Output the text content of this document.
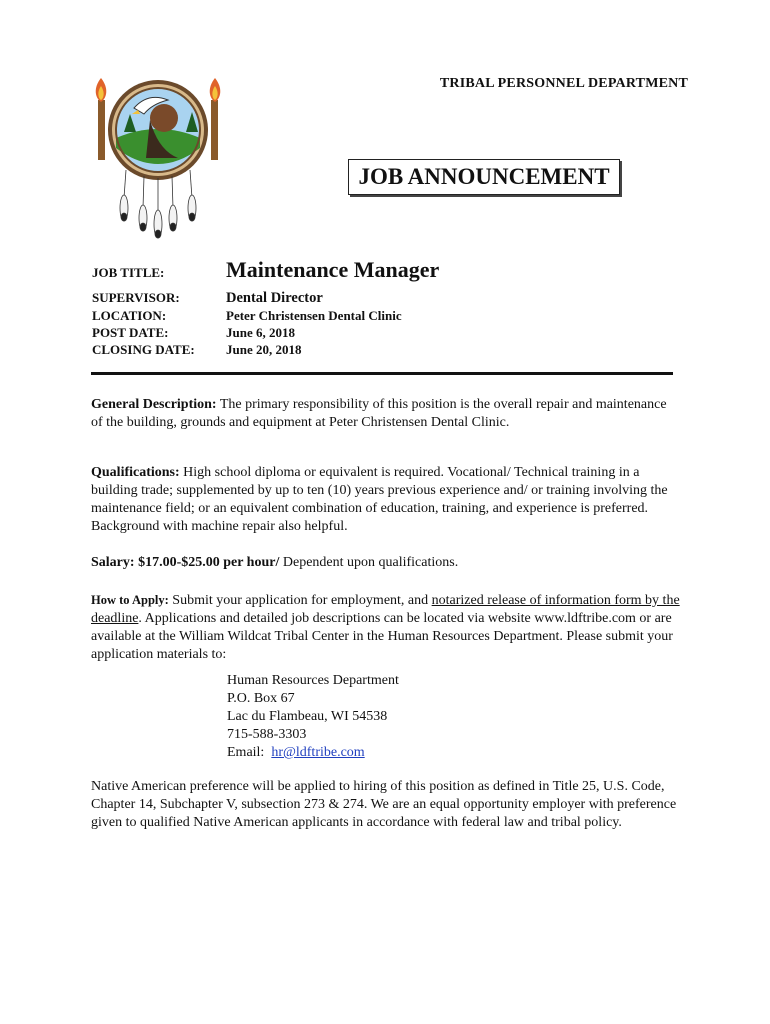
TRIBAL PERSONNEL DEPARTMENT
JOB ANNOUNCEMENT
JOB TITLE:	Maintenance Manager
SUPERVISOR:	Dental Director
LOCATION:	Peter Christensen Dental Clinic
POST DATE:	June 6, 2018
CLOSING DATE:	June 20, 2018
General Description: The primary responsibility of this position is the overall repair and maintenance of the building, grounds and equipment at Peter Christensen Dental Clinic.
Qualifications: High school diploma or equivalent is required. Vocational/ Technical training in a building trade; supplemented by up to ten (10) years previous experience and/ or training involving the maintenance field; or an equivalent combination of education, training, and experience is preferred. Background with machine repair also helpful.
Salary: $17.00-$25.00 per hour/ Dependent upon qualifications.
How to Apply: Submit your application for employment, and notarized release of information form by the deadline. Applications and detailed job descriptions can be located via website www.ldftribe.com or are available at the William Wildcat Tribal Center in the Human Resources Department. Please submit your application materials to:
Human Resources Department
P.O. Box 67
Lac du Flambeau, WI 54538
715-588-3303
Email:  hr@ldftribe.com
Native American preference will be applied to hiring of this position as defined in Title 25, U.S. Code, Chapter 14, Subchapter V, subsection 273 & 274. We are an equal opportunity employer with preference given to qualified Native American applicants in accordance with federal law and tribal policy.
